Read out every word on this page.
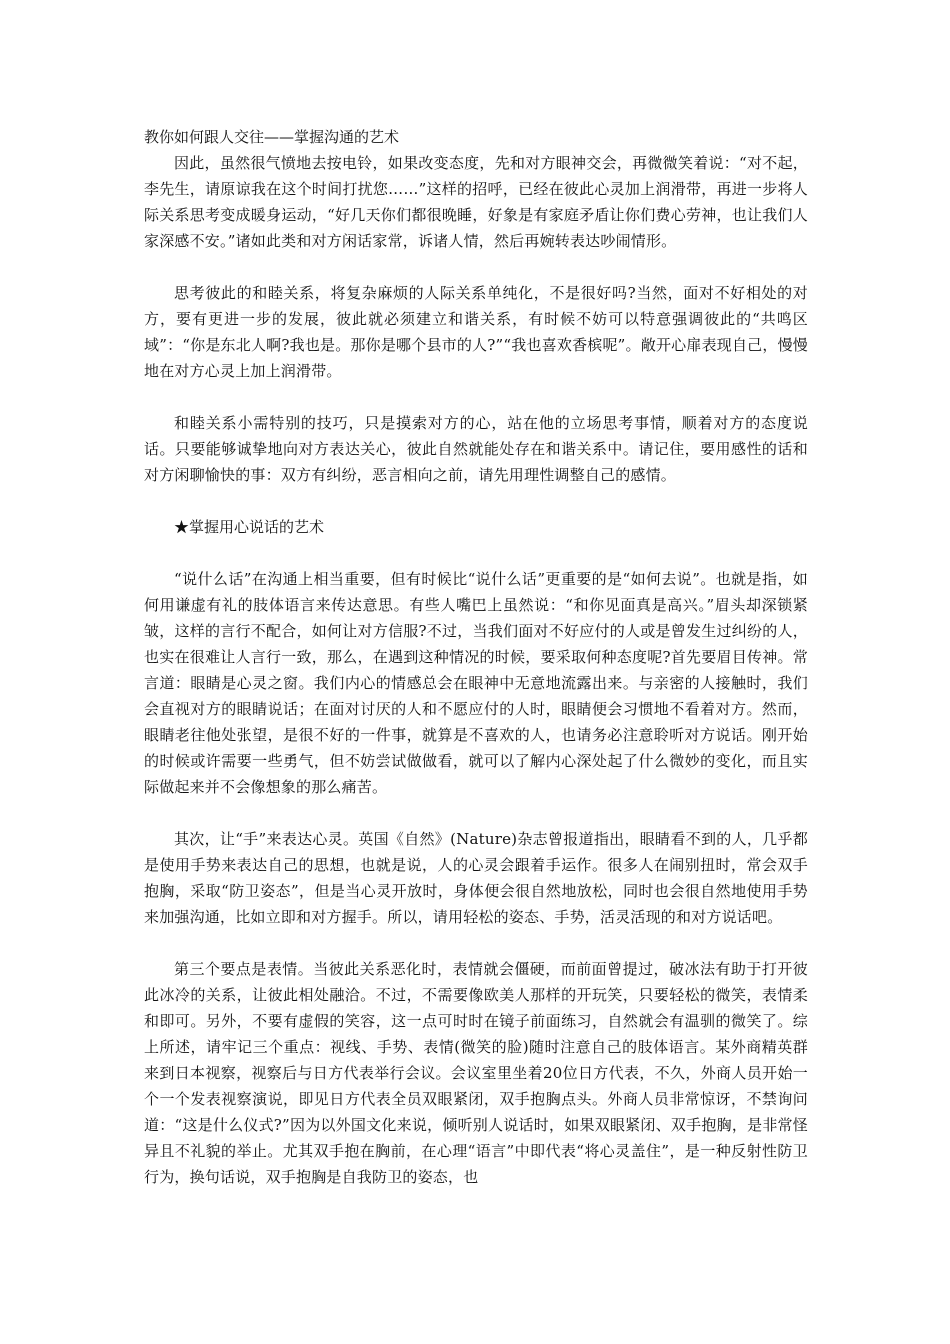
教你如何跟人交往——掌握沟通的艺术

因此，虽然很气愤地去按电铃，如果改变态度，先和对方眼神交会，再微微笑着说：“对不起，李先生，请原谅我在这个时间打扰您……”这样的招呼，已经在彼此心灵加上润滑带，再进一步将人际关系思考变成暖身运动，“好几天你们都很晚睡，好象是有家庭矛盾让你们费心劳神，也让我们人家深感不安。”诸如此类和对方闲话家常，诉诸人情，然后再婉转表达吵闹情形。

思考彼此的和睦关系，将复杂麻烦的人际关系单纯化，不是很好吗?当然，面对不好相处的对方，要有更进一步的发展，彼此就必须建立和谐关系，有时候不妨可以特意强调彼此的“共鸣区域”：“你是东北人啊?我也是。那你是哪个县市的人?”“我也喜欢香槟呢”。敞开心扉表现自己，慢慢地在对方心灵上加上润滑带。

和睦关系小需特别的技巧，只是摸索对方的心，站在他的立场思考事情，顺着对方的态度说话。只要能够诚挚地向对方表达关心，彼此自然就能处存在和谐关系中。请记住，要用感性的话和对方闲聊愉快的事：双方有纠纷，恶言相向之前，请先用理性调整自己的感情。

★掌握用心说话的艺术

“说什么话”在沟通上相当重要，但有时候比“说什么话”更重要的是“如何去说”。也就是指，如何用谦虚有礼的肢体语言来传达意思。有些人嘴巴上虽然说：“和你见面真是高兴。”眉头却深锁紧皱，这样的言行不配合，如何让对方信服?不过，当我们面对不好应付的人或是曾发生过纠纷的人，也实在很难让人言行一致，那么，在遇到这种情况的时候，要采取何种态度呢?首先要眉目传神。常言道：眼睛是心灵之窗。我们内心的情感总会在眼神中无意地流露出来。与亲密的人接触时，我们会直视对方的眼睛说话；在面对讨厌的人和不愿应付的人时，眼睛便会习惯地不看着对方。然而，眼睛老往他处张望，是很不好的一件事，就算是不喜欢的人，也请务必注意聆听对方说话。刚开始的时候或许需要一些勇气，但不妨尝试做做看，就可以了解内心深处起了什么微妙的变化，而且实际做起来并不会像想象的那么痛苦。

其次，让“手”来表达心灵。英国《自然》(Nature)杂志曾报道指出，眼睛看不到的人，几乎都是使用手势来表达自己的思想，也就是说，人的心灵会跟着手运作。很多人在闹别扭时，常会双手抱胸，采取“防卫姿态”，但是当心灵开放时，身体便会很自然地放松，同时也会很自然地使用手势来加强沟通，比如立即和对方握手。所以，请用轻松的姿态、手势，活灵活现的和对方说话吧。

第三个要点是表情。当彼此关系恶化时，表情就会僵硬，而前面曾提过，破冰法有助于打开彼此冰冷的关系，让彼此相处融洽。不过，不需要像欧美人那样的开玩笑，只要轻松的微笑，表情柔和即可。另外，不要有虚假的笑容，这一点可时时在镜子前面练习，自然就会有温驯的微笑了。综上所述，请牢记三个重点：视线、手势、表情(微笑的脸)随时注意自己的肢体语言。某外商精英群来到日本视察，视察后与日方代表举行会议。会议室里坐着20位日方代表，不久，外商人员开始一个一个发表视察演说，即见日方代表全员双眼紧闭，双手抱胸点头。外商人员非常惊讶，不禁询问道：“这是什么仪式?”因为以外国文化来说，倾听别人说话时，如果双眼紧闭、双手抱胸，是非常怪异且不礼貌的举止。尤其双手抱在胸前，在心理“语言”中即代表“将心灵盖住”，是一种反射性防卫行为，换句话说，双手抱胸是自我防卫的姿态，也
